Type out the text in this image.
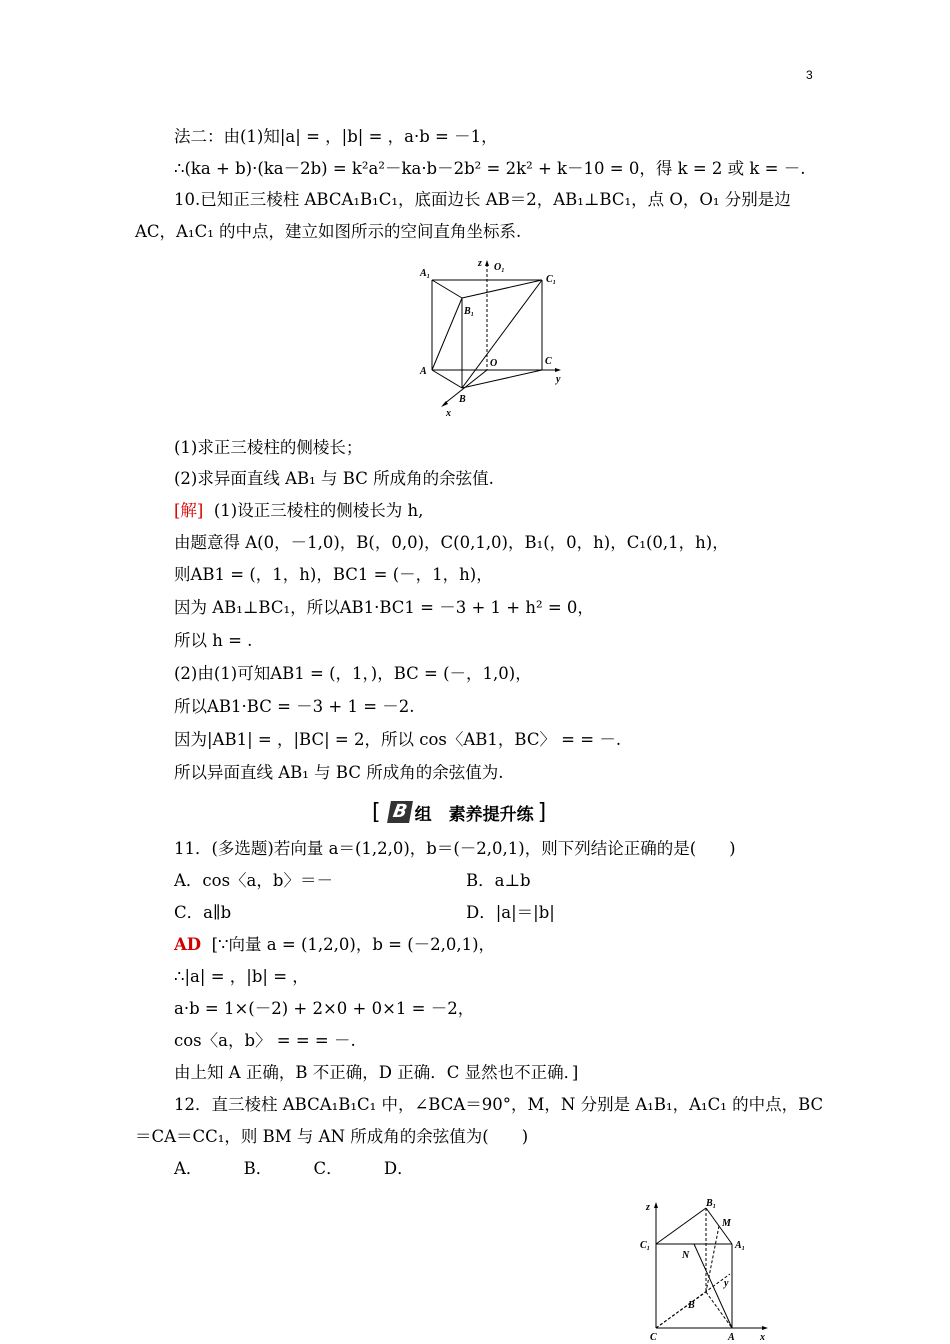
3
法二：由(1)知|a| = ，|b| = ，a·b = －1，
∴(ka + b)·(ka－2b) = k²a²－ka·b－2b² = 2k² + k－10 = 0，得 k = 2 或 k = －.
10.已知正三棱柱 ABCA₁B₁C₁，底面边长 AB＝2，AB₁⊥BC₁，点 O，O₁ 分别是边
AC，A₁C₁ 的中点，建立如图所示的空间直角坐标系.
A₁
z O₁
C₁
B₁
O	C
A
y
B
x
(1)求正三棱柱的侧棱长；
(2)求异面直线 AB₁ 与 BC 所成角的余弦值.
[解] (1)设正三棱柱的侧棱长为 h,
由题意得 A(0，－1,0)，B(，0,0)，C(0,1,0)，B₁(，0，h)，C₁(0,1，h)，
则AB1 = (，1，h)，BC1 = (－，1，h)，
因为 AB₁⊥BC₁，所以AB1·BC1 = －3 + 1 + h² = 0，
所以 h = .
(2)由(1)可知AB1 = (，1，)，BC = (－，1,0)，
所以AB1·BC = －3 + 1 = －2.
因为|AB1| = ，|BC| = 2，所以 cos〈AB1，BC〉 = = －.
所以异面直线 AB₁ 与 BC 所成角的余弦值为.
[ B 组　素养提升练 ]
11．(多选题)若向量 a＝(1,2,0)，b＝(－2,0,1)，则下列结论正确的是(　　)
A．cos〈a，b〉＝－	B．a⊥b
C．a∥b	D．|a|＝|b|
AD [∵向量 a = (1,2,0)，b = (－2,0,1)，
∴|a| = ，|b| = ，
a·b = 1×(－2) + 2×0 + 0×1 = －2，
cos〈a，b〉 = = = －.
由上知 A 正确，B 不正确，D 正确．C 显然也不正确．]
12．直三棱柱 ABCA₁B₁C₁ 中，∠BCA＝90°，M，N 分别是 A₁B₁，A₁C₁ 的中点，BC
＝CA＝CC₁，则 BM 与 AN 所成角的余弦值为(　　)
A．　　　B．　　　C．　　　D．
z	B₁
M
C₁
N
A₁
y
B
C	A	x
